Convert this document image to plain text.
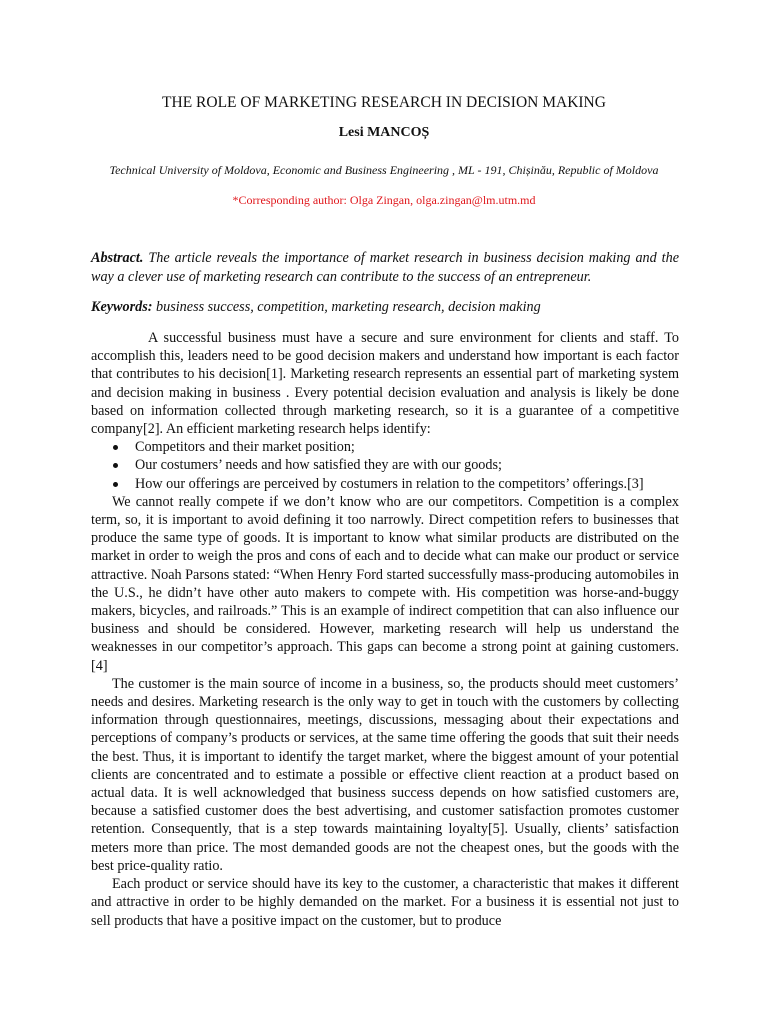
THE ROLE OF MARKETING RESEARCH IN DECISION MAKING
Lesi MANCOȘ
Technical University of Moldova, Economic and Business Engineering , ML - 191, Chișinău, Republic of Moldova
*Corresponding author: Olga Zingan, olga.zingan@lm.utm.md
Abstract. The article reveals the importance of market research in business decision making and the way a clever use of marketing research can contribute to the success of an entrepreneur.
Keywords: business success, competition, marketing research, decision making

A successful business must have a secure and sure environment for clients and staff. To accomplish this, leaders need to be good decision makers and understand how important is each factor that contributes to his decision[1]. Marketing research represents an essential part of marketing system and decision making in business . Every potential decision evaluation and analysis is likely be done based on information collected through marketing research, so it is a guarantee of a competitive company[2]. An efficient marketing research helps identify:

Competitors and their market position;
Our costumers’ needs and how satisfied they are with our goods;
How our offerings are perceived by costumers in relation to the competitors’ offerings.[3]

We cannot really compete if we don’t know who are our competitors. Competition is a complex term, so, it is important to avoid defining it too narrowly. Direct competition refers to businesses that produce the same type of goods. It is important to know what similar products are distributed on the market in order to weigh the pros and cons of each and to decide what can make our product or service attractive. Noah Parsons stated: “When Henry Ford started successfully mass-producing automobiles in the U.S., he didn’t have other auto makers to compete with. His competition was horse-and-buggy makers, bicycles, and railroads.” This is an example of indirect competition that can also influence our business and should be considered. However, marketing research will help us understand the weaknesses in our competitor’s approach. This gaps can become a strong point at gaining customers. [4]

The customer is the main source of income in a business, so, the products should meet customers’ needs and desires. Marketing research is the only way to get in touch with the customers by collecting information through questionnaires, meetings, discussions, messaging about their expectations and perceptions of company’s products or services, at the same time offering the goods that suit their needs the best. Thus, it is important to identify the target market, where the biggest amount of your potential clients are concentrated and to estimate a possible or effective client reaction at a product based on actual data. It is well acknowledged that business success depends on how satisfied customers are, because a satisfied customer does the best advertising, and customer satisfaction promotes customer retention. Consequently, that is a step towards maintaining loyalty[5]. Usually, clients’ satisfaction meters more than price. The most demanded goods are not the cheapest ones, but the goods with the best price-quality ratio.

Each product or service should have its key to the customer, a characteristic that makes it different and attractive in order to be highly demanded on the market. For a business it is essential not just to sell products that have a positive impact on the customer, but to produce
